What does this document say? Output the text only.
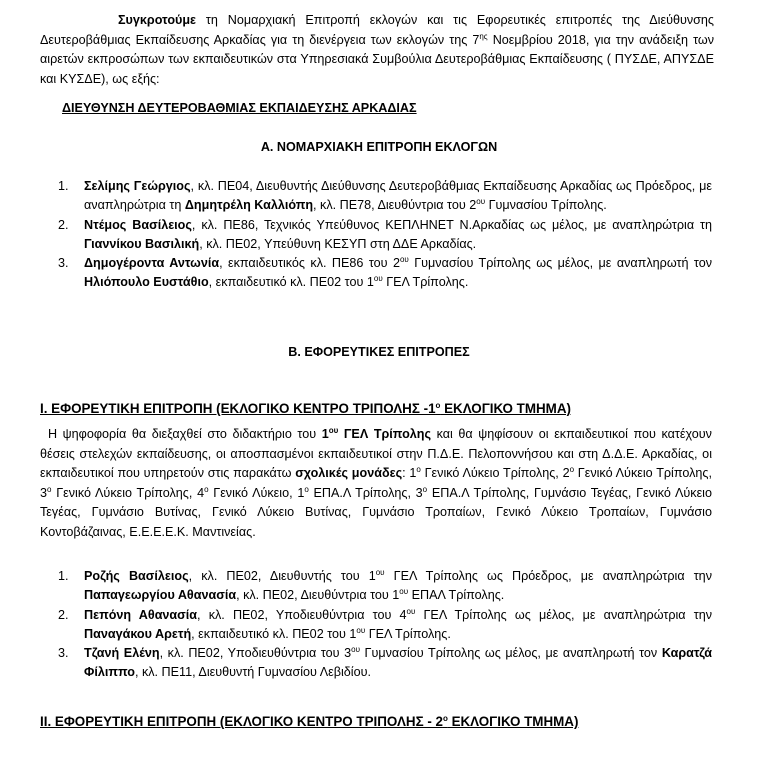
Συγκροτούμε τη Νομαρχιακή Επιτροπή εκλογών και τις Εφορευτικές επιτροπές της Διεύθυνσης Δευτεροβάθμιας Εκπαίδευσης Αρκαδίας για τη διενέργεια των εκλογών της $7^{\eta\varsigma}$ Νοεμβρίου 2018, για την ανάδειξη των αιρετών εκπροσώπων των εκπαιδευτικών στα Υπηρεσιακά Συμβούλια Δευτεροβάθμιας Εκπαίδευσης ( ΠΥΣΔΕ, ΑΠΥΣΔΕ και ΚΥΣΔΕ), ως εξής:

ΔΙΕΥΘΥΝΣΗ ΔΕΥΤΕΡΟΒΑΘΜΙΑΣ ΕΚΠΑΙΔΕΥΣΗΣ ΑΡΚΑΔΙΑΣ
Α. ΝΟΜΑΡΧΙΑΚΗ ΕΠΙΤΡΟΠΗ ΕΚΛΟΓΩΝ
1. Σελίμης Γεώργιος, κλ. ΠΕ04, Διευθυντής Διεύθυνσης Δευτεροβάθμιας Εκπαίδευσης Αρκαδίας ως Πρόεδρος, με αναπληρώτρια τη Δημητρέλη Καλλιόπη, κλ. ΠΕ78, Διευθύντρια του $2^{o\upsilon}$ Γυμνασίου Τρίπολης.
2. Ντέμος Βασίλειος, κλ. ΠΕ86, Τεχνικός Υπεύθυνος ΚΕΠΛΗΝΕΤ Ν.Αρκαδίας ως μέλος, με αναπληρώτρια τη Γιαννίκου Βασιλική, κλ. ΠΕ02, Υπεύθυνη ΚΕΣΥΠ στη ΔΔΕ Αρκαδίας.
3. Δημογέροντα Αντωνία, εκπαιδευτικός κλ. ΠΕ86 του $2^{o\upsilon}$ Γυμνασίου Τρίπολης ως μέλος, με αναπληρωτή τον Ηλιόπουλο Ευστάθιο, εκπαιδευτικό κλ. ΠΕ02 του $1^{o\upsilon}$ ΓΕΛ Τρίπολης.
Β. ΕΦΟΡΕΥΤΙΚΕΣ ΕΠΙΤΡΟΠΕΣ
I. ΕΦΟΡΕΥΤΙΚΗ ΕΠΙΤΡΟΠΗ (ΕΚΛΟΓΙΚΟ ΚΕΝΤΡΟ ΤΡΙΠΟΛΗΣ $-1^o$ ΕΚΛΟΓΙΚΟ ΤΜΗΜΑ)

Η ψηφοφορία θα διεξαχθεί στο διδακτήριο του $1^{o\upsilon}$ ΓΕΛ Τρίπολης και θα ψηφίσουν οι εκπαιδευτικοί που κατέχουν θέσεις στελεχών εκπαίδευσης, οι αποσπασμένοι εκπαιδευτικοί στην Π.Δ.Ε. Πελοποννήσου και στη Δ.Δ.Ε. Αρκαδίας, οι εκπαιδευτικοί που υπηρετούν στις παρακάτω σχολικές μονάδες: $1^o$ Γενικό Λύκειο Τρίπολης, $2^o$ Γενικό Λύκειο Τρίπολης, $3^o$ Γενικό Λύκειο Τρίπολης, $4^o$ Γενικό Λύκειο, $1^o$ ΕΠΑ.Λ Τρίπολης, $3^o$ ΕΠΑ.Λ Τρίπολης, Γυμνάσιο Τεγέας, Γενικό Λύκειο Τεγέας, Γυμνάσιο Βυτίνας, Γενικό Λύκειο Βυτίνας, Γυμνάσιο Τροπαίων, Γενικό Λύκειο Τροπαίων, Γυμνάσιο Κοντοβάζαινας, Ε.Ε.Ε.Ε.Κ. Μαντινείας.

1. Ροζής Βασίλειος, κλ. ΠΕ02, Διευθυντής του $1^{o\upsilon}$ ΓΕΛ Τρίπολης ως Πρόεδρος, με αναπληρώτρια την Παπαγεωργίου Αθανασία, κλ. ΠΕ02, Διευθύντρια του $1^{o\upsilon}$ ΕΠΑΛ Τρίπολης.
2. Πεπόνη Αθανασία, κλ. ΠΕ02, Υποδιευθύντρια του $4^{o\upsilon}$ ΓΕΛ Τρίπολης ως μέλος, με αναπληρώτρια την Παναγάκου Αρετή, εκπαιδευτικό κλ. ΠΕ02 του $1^{o\upsilon}$ ΓΕΛ Τρίπολης.
3. Τζανή Ελένη, κλ. ΠΕ02, Υποδιευθύντρια του $3^{o\upsilon}$ Γυμνασίου Τρίπολης ως μέλος, με αναπληρωτή τον Καρατζά Φίλιππο, κλ. ΠΕ11, Διευθυντή Γυμνασίου Λεβιδίου.
II. ΕΦΟΡΕΥΤΙΚΗ ΕΠΙΤΡΟΠΗ (ΕΚΛΟΓΙΚΟ ΚΕΝΤΡΟ ΤΡΙΠΟΛΗΣ - $2^o$ ΕΚΛΟΓΙΚΟ ΤΜΗΜΑ)
